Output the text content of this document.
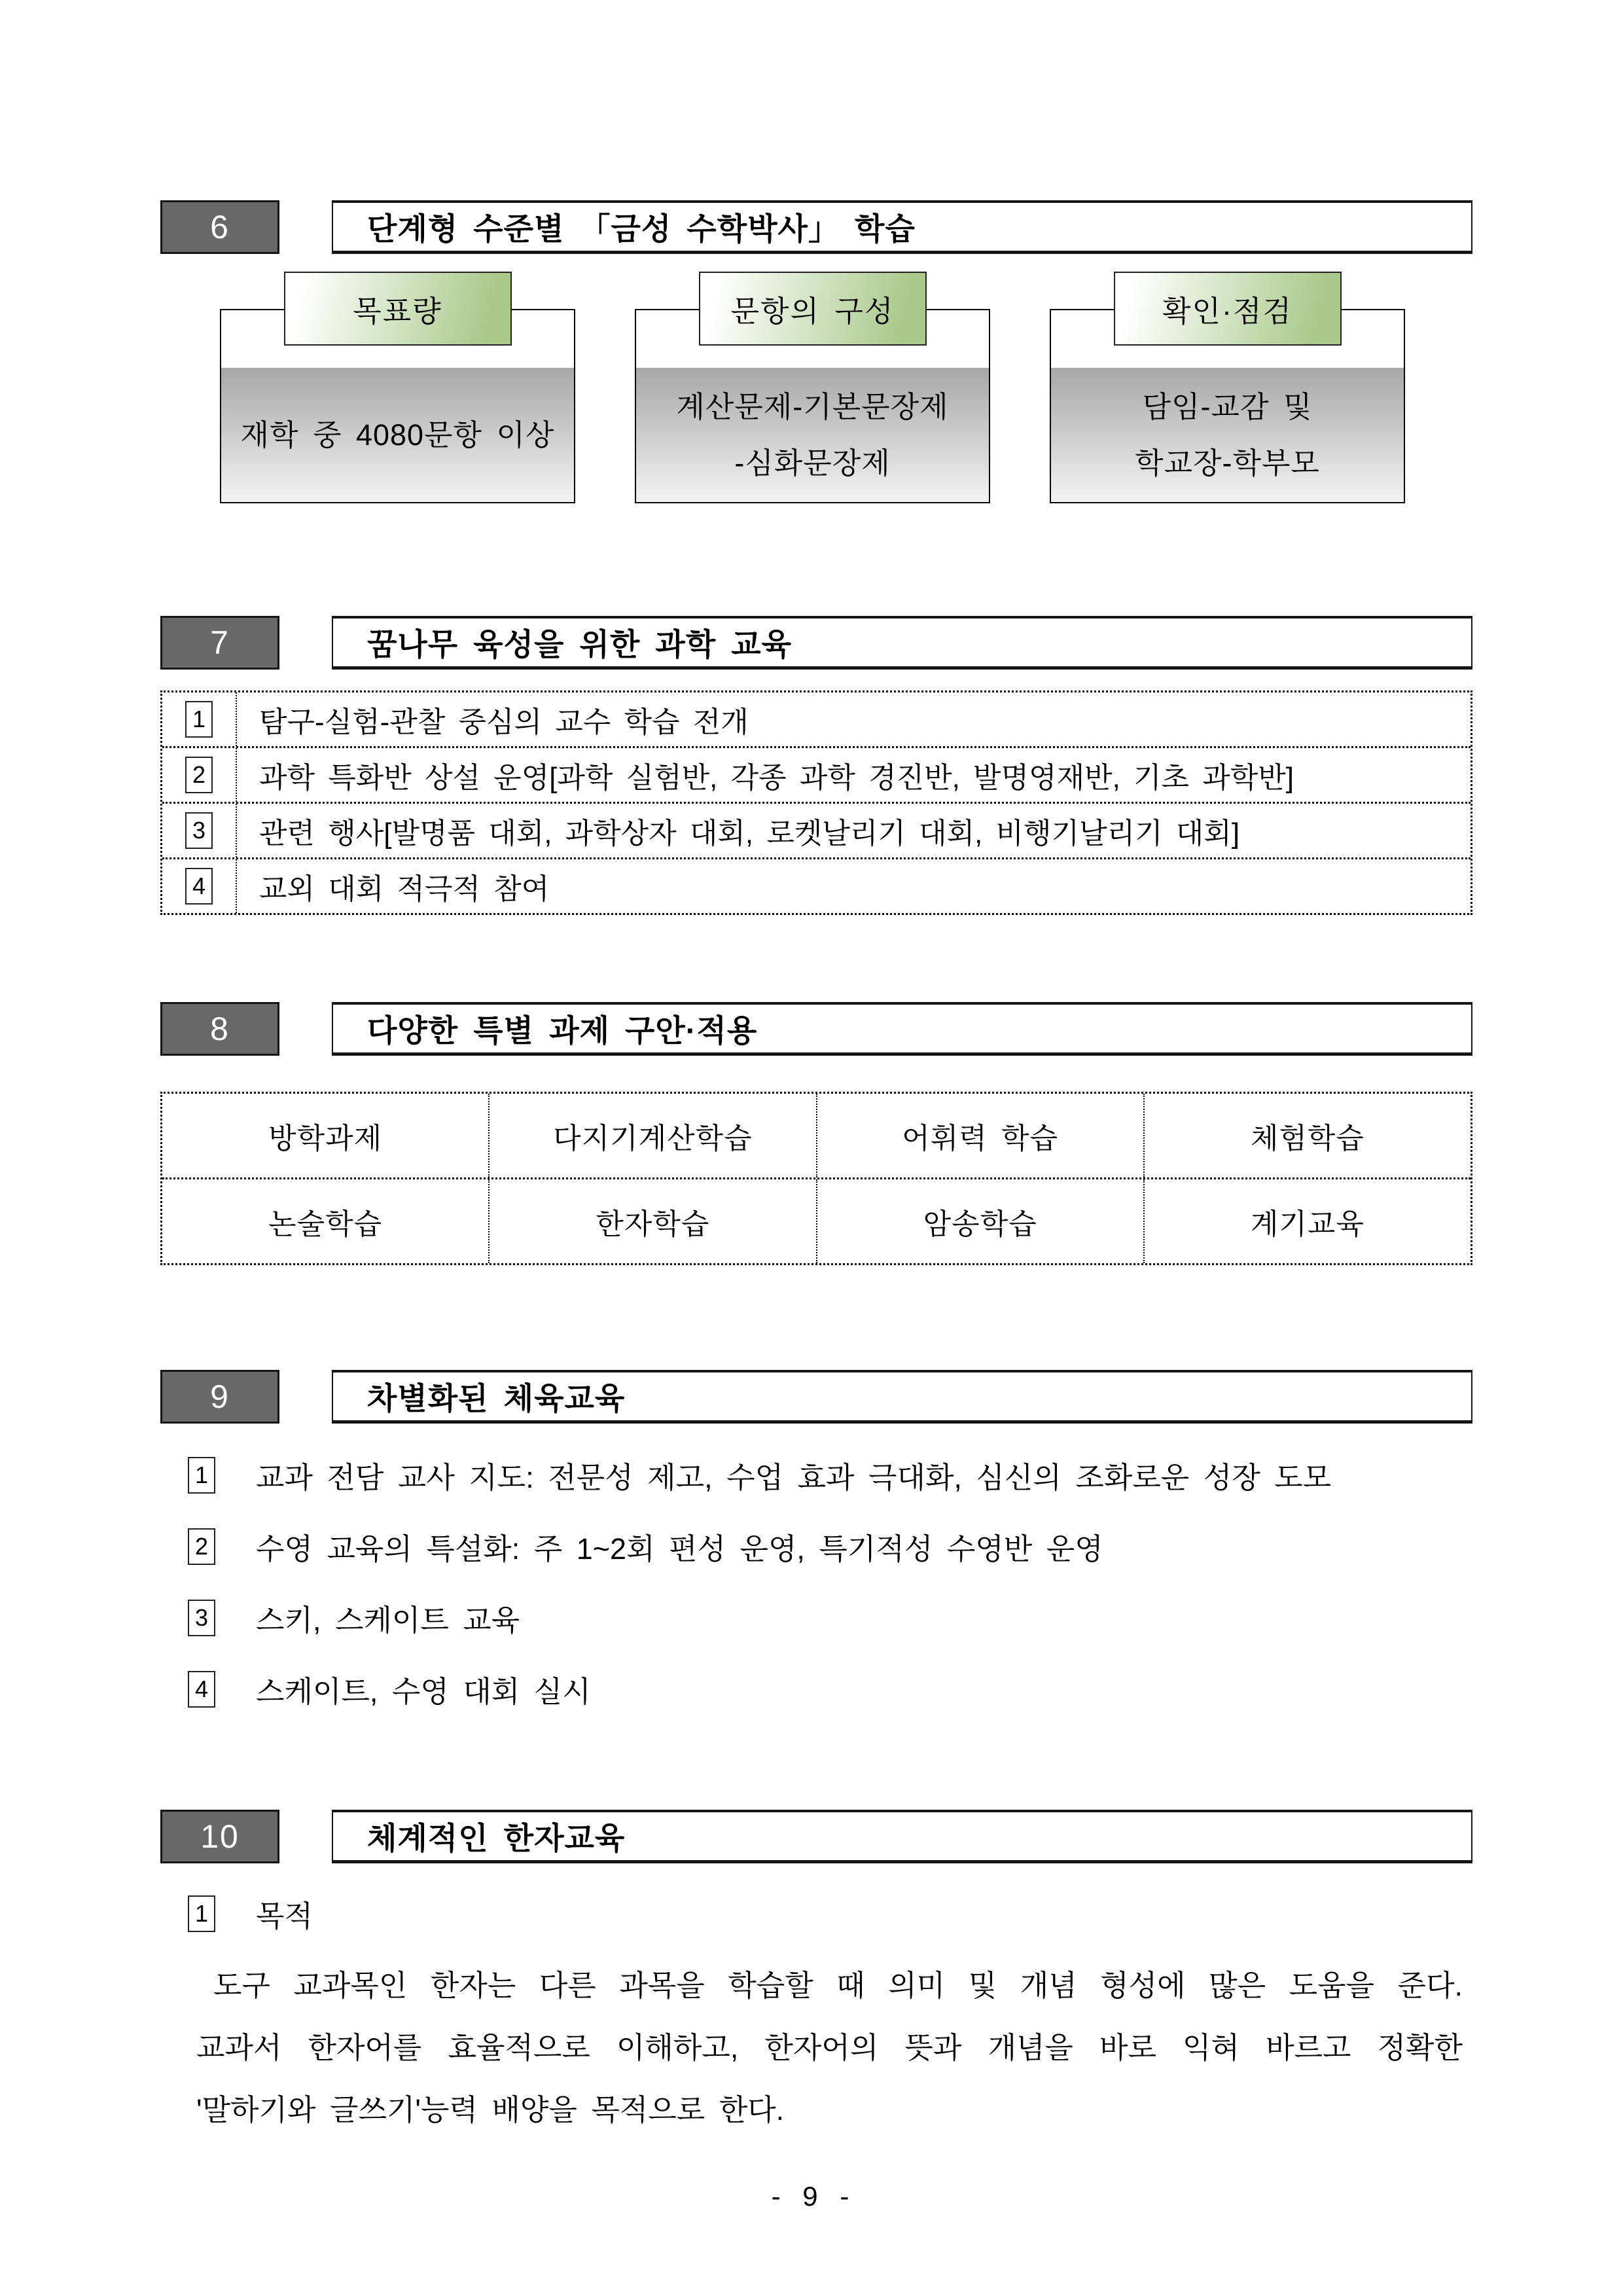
6	단계형 수준별 「금성 수학박사」 학습
재학 중 4080문항 이상
목표량
계산문제-기본문장제
-심화문장제
문항의 구성
담임-교감 및
학교장-학부모
확인·점검
7	꿈나무 육성을 위한 과학 교육
1	탐구-실험-관찰 중심의 교수 학습 전개
2	과학 특화반 상설 운영[과학 실험반, 각종 과학 경진반, 발명영재반, 기초 과학반]
3	관련 행사[발명품 대회, 과학상자 대회, 로켓날리기 대회, 비행기날리기 대회]
4	교외 대회 적극적 참여
8	다양한 특별 과제 구안·적용
방학과제	다지기계산학습	어휘력 학습	체험학습
논술학습	한자학습	암송학습	계기교육
9	차별화된 체육교육
1 교과 전담 교사 지도: 전문성 제고, 수업 효과 극대화, 심신의 조화로운 성장 도모
2 수영 교육의 특설화: 주 1~2회 편성 운영, 특기적성 수영반 운영
3 스키, 스케이트 교육
4 스케이트, 수영 대회 실시
10	체계적인 한자교육
1 목적
도구 교과목인 한자는 다른 과목을 학습할 때 의미 및 개념 형성에 많은 도움을 준다.
교과서 한자어를 효율적으로 이해하고, 한자어의 뜻과 개념을 바로 익혀 바르고 정확한
'말하기와 글쓰기'능력 배양을 목적으로 한다.
- 9 -
